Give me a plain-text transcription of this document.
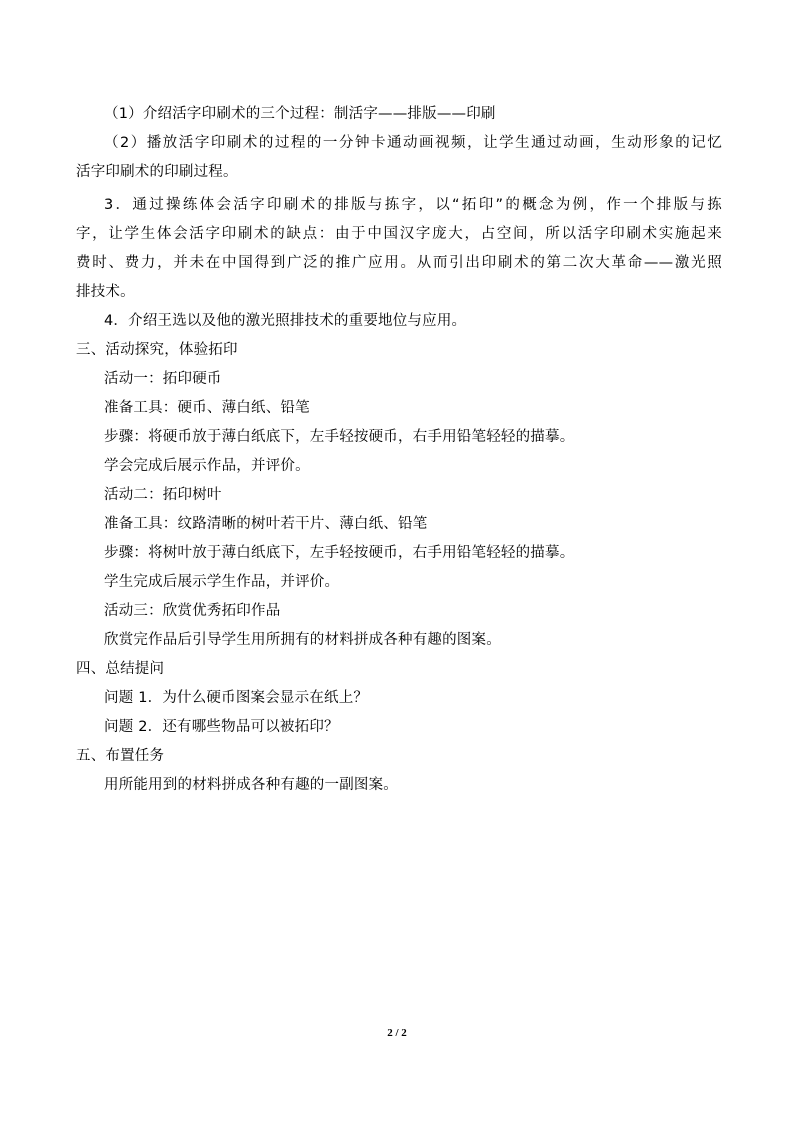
（1）介绍活字印刷术的三个过程：制活字——排版——印刷
（2）播放活字印刷术的过程的一分钟卡通动画视频，让学生通过动画，生动形象的记忆
活字印刷术的印刷过程。
3．通过操练体会活字印刷术的排版与拣字，以“拓印”的概念为例，作一个排版与拣
字，让学生体会活字印刷术的缺点：由于中国汉字庞大，占空间，所以活字印刷术实施起来
费时、费力，并未在中国得到广泛的推广应用。从而引出印刷术的第二次大革命——激光照
排技术。
4．介绍王选以及他的激光照排技术的重要地位与应用。
三、活动探究，体验拓印
活动一：拓印硬币
准备工具：硬币、薄白纸、铅笔
步骤：将硬币放于薄白纸底下，左手轻按硬币，右手用铅笔轻轻的描摹。
学会完成后展示作品，并评价。
活动二：拓印树叶
准备工具：纹路清晰的树叶若干片、薄白纸、铅笔
步骤：将树叶放于薄白纸底下，左手轻按硬币，右手用铅笔轻轻的描摹。
学生完成后展示学生作品，并评价。
活动三：欣赏优秀拓印作品
欣赏完作品后引导学生用所拥有的材料拼成各种有趣的图案。
四、总结提问
问题 1．为什么硬币图案会显示在纸上？
问题 2．还有哪些物品可以被拓印？
五、布置任务
用所能用到的材料拼成各种有趣的一副图案。
2 / 2
